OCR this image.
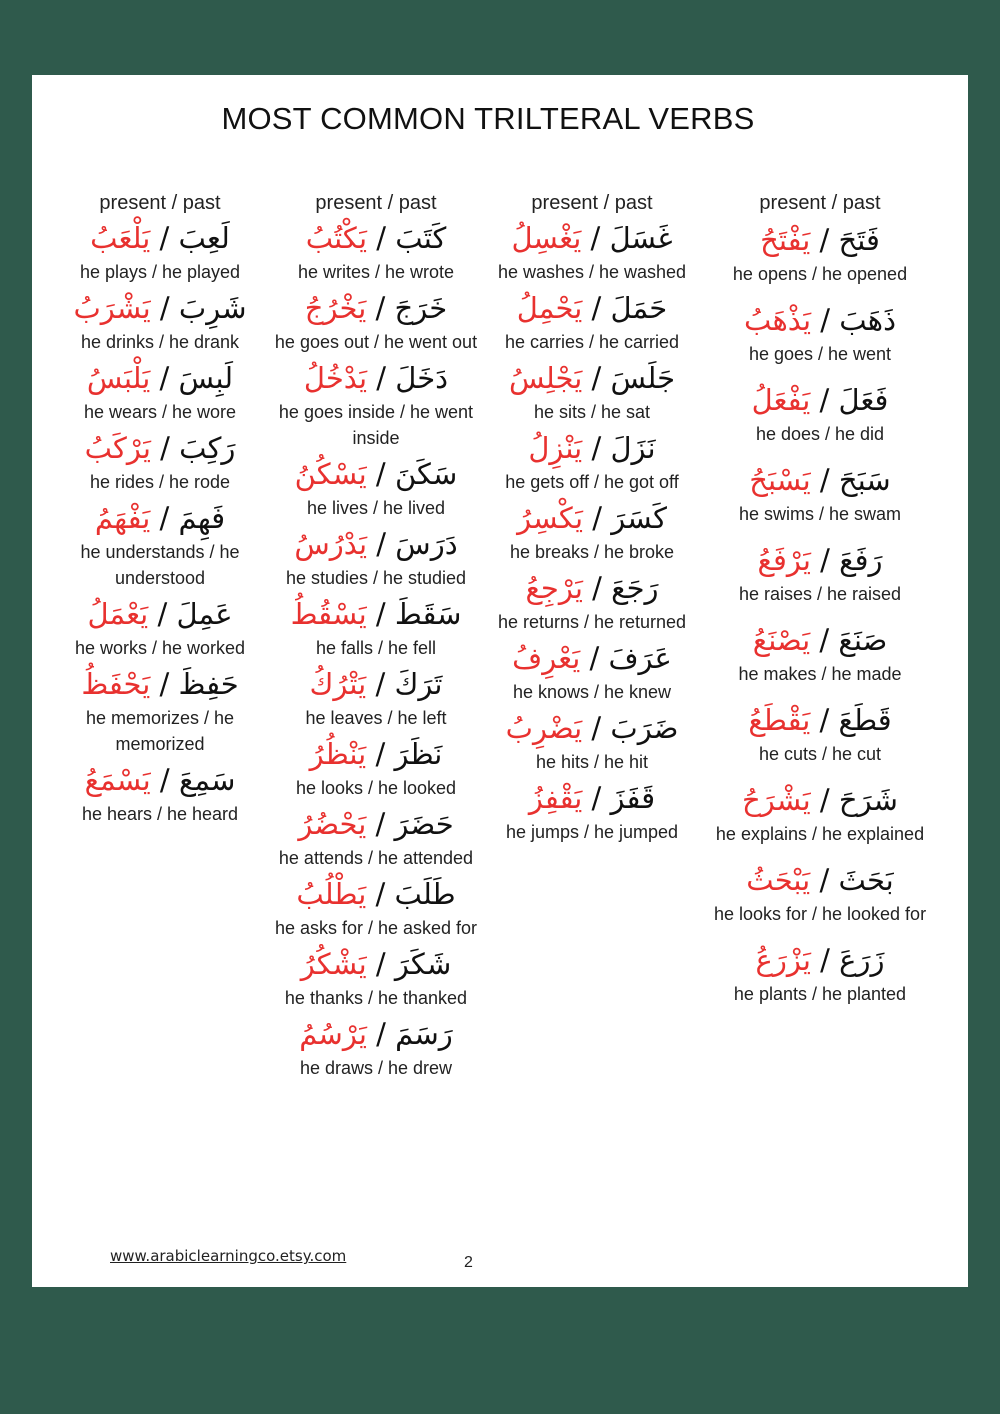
MOST COMMON TRILTERAL VERBS
present / past
لَعِبَ / يَلْعَبُ
he plays / he played
شَرِبَ / يَشْرَبُ
he drinks / he drank
لَبِسَ / يَلْبَسُ
he wears / he wore
رَكِبَ / يَرْكَبُ
he rides / he rode
فَهِمَ / يَفْهَمُ
he understands / he understood
عَمِلَ / يَعْمَلُ
he works / he worked
حَفِظَ / يَحْفَظُ
he memorizes / he memorized
سَمِعَ / يَسْمَعُ
he hears / he heard
present / past
كَتَبَ / يَكْتُبُ
he writes / he wrote
خَرَجَ / يَخْرُجُ
he goes out / he went out
دَخَلَ / يَدْخُلُ
he goes inside / he went inside
سَكَنَ / يَسْكُنُ
he lives / he lived
دَرَسَ / يَدْرُسُ
he studies / he studied
سَقَطَ / يَسْقُطُ
he falls / he fell
تَرَكَ / يَتْرُكُ
he leaves / he left
نَظَرَ / يَنْظُرُ
he looks / he looked
حَضَرَ / يَحْضُرُ
he attends / he attended
طَلَبَ / يَطْلُبُ
he asks for / he asked for
شَكَرَ / يَشْكُرُ
he thanks / he thanked
رَسَمَ / يَرْسُمُ
he draws / he drew
present / past
غَسَلَ / يَغْسِلُ
he washes / he washed
حَمَلَ / يَحْمِلُ
he carries / he carried
جَلَسَ / يَجْلِسُ
he sits / he sat
نَزَلَ / يَنْزِلُ
he gets off / he got off
كَسَرَ / يَكْسِرُ
he breaks / he broke
رَجَعَ / يَرْجِعُ
he returns / he returned
عَرَفَ / يَعْرِفُ
he knows / he knew
ضَرَبَ / يَضْرِبُ
he hits / he hit
قَفَزَ / يَقْفِزُ
he jumps / he jumped
present / past
فَتَحَ / يَفْتَحُ
he opens / he opened
ذَهَبَ / يَذْهَبُ
he goes / he went
فَعَلَ / يَفْعَلُ
he does / he did
سَبَحَ / يَسْبَحُ
he swims / he swam
رَفَعَ / يَرْفَعُ
he raises / he raised
صَنَعَ / يَصْنَعُ
he makes / he made
قَطَعَ / يَقْطَعُ
he cuts / he cut
شَرَحَ / يَشْرَحُ
he explains / he explained
بَحَثَ / يَبْحَثُ
he looks for / he looked for
زَرَعَ / يَزْرَعُ
he plants / he planted
www.arabiclearningco.etsy.com	2
